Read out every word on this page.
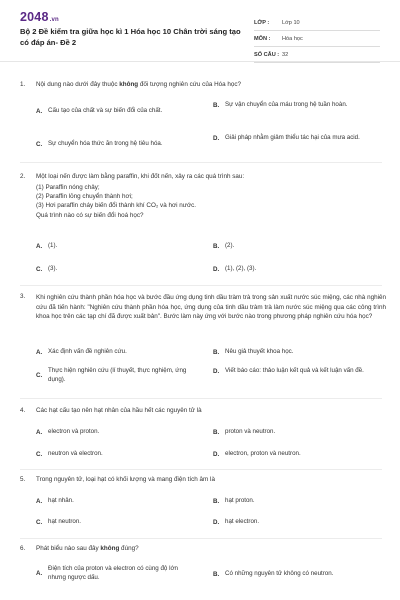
2048.vn
Bộ 2 Đề kiểm tra giữa học kì 1 Hóa học 10 Chân trời sáng tạo có đáp án- Đề 2
LỚP :	Lớp 10
MÔN :	Hóa học
SỐ CÂU : 32
1.	Nội dung nào dưới đây thuộc không đối tượng nghiên cứu của Hóa học?
A. Cấu tạo của chất và sự biến đổi của chất.
B. Sự vận chuyển của máu trong hệ tuần hoàn.
C. Sự chuyển hóa thức ăn trong hệ tiêu hóa.
D. Giải pháp nhằm giảm thiểu tác hại của mưa acid.
2.	Một loại nến được làm bằng paraffin, khi đốt nến, xảy ra các quá trình sau:
(1) Paraffin nóng chảy;
(2) Paraffin lỏng chuyển thành hơi;
(3) Hơi paraffin cháy biến đổi thành khí CO₂ và hơi nước.
Quá trình nào có sự biến đổi hoá học?
A. (1).	B. (2).
C. (3).	D. (1), (2), (3).
3.	Khi nghiên cứu thành phần hóa học và bước đầu ứng dụng tinh dầu tràm trà trong sản xuất nước súc miệng, các nhà nghiên cứu đã tiến hành: "Nghiên cứu thành phần hóa học, ứng dụng của tinh dầu tràm trà làm nước súc miệng qua các công trình khoa học trên các tạp chí đã được xuất bản". Bước làm này ứng với bước nào trong phương pháp nghiên cứu hóa học?
A. Xác định vấn đề nghiên cứu.	B. Nêu giả thuyết khoa học.
C.
Thực hiện nghiên cứu (lí thuyết, thực nghiệm, ứng dụng).
D. Viết báo cáo: thảo luận kết quả và kết luận vấn đề.
4.	Các hạt cấu tạo nên hạt nhân của hầu hết các nguyên tử là
A. electron và proton.	B. proton và neutron.
C. neutron và electron.	D. electron, proton và neutron.
5.	Trong nguyên tử, loại hạt có khối lượng và mang điện tích âm là
A. hạt nhân.	B. hạt proton.
C. hạt neutron.	D. hạt electron.
6.	Phát biểu nào sau đây không đúng?
A.
Điện tích của proton và electron có cùng độ lớn nhưng ngược dấu.	B. Có những nguyên tử không có neutron.
